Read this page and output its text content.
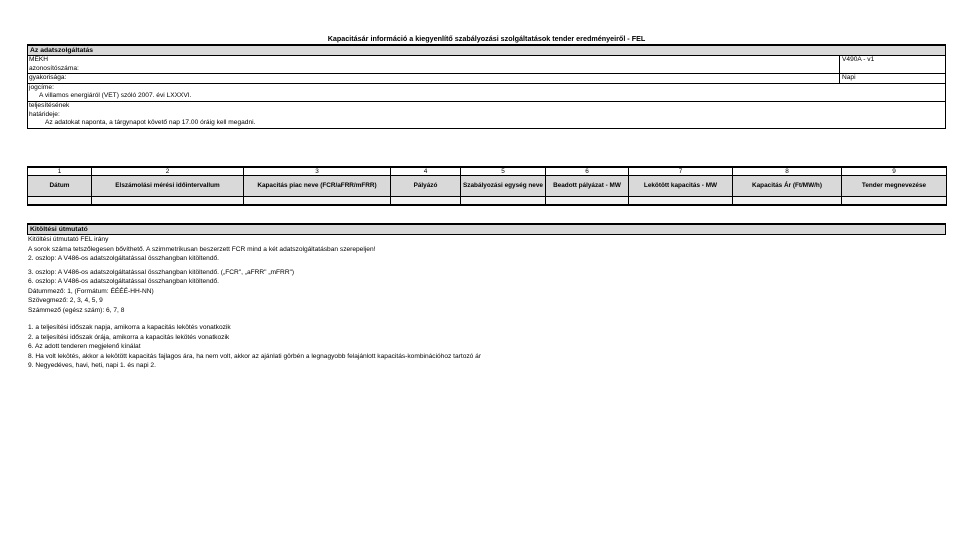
Kapacitásár információ a kiegyenlítő szabályozási szolgáltatások tender eredményeiről - FEL
Az adatszolgáltatás
MEKH	V490A - v1
azonosítószáma:
gyakorisága:	Napi
jogcíme:
A villamos energiáról (VET) szóló 2007. évi LXXXVI.
teljesítésének
határideje:
Az adatokat naponta, a tárgynapot követő nap 17.00 óráig kell megadni.
1	2	3	4	5	6	7	8	9
Dátum	Elszámolási mérési időintervallum	Kapacitás piac neve (FCR/aFRR/mFRR)	Pályázó	Szabályozási egység neve	Beadott pályázat - MW	Lekötött kapacitás - MW	Kapacitás Ár (Ft/MW/h)	Tender megnevezése

Kitöltési útmutató
Kitöltési útmutató FEL irány
A sorok száma tetszőlegesen bővíthető. A szimmetrikusan beszerzett FCR mind a két adatszolgáltatásban szerepeljen!
2. oszlop: A V486-os adatszolgáltatással összhangban kitöltendő.
3. oszlop: A V486-os adatszolgáltatással összhangban kitöltendő. („FCR", „aFRR" „mFRR")
6. oszlop: A V486-os adatszolgáltatással összhangban kitöltendő.
Dátummező: 1, (Formátum: ÉÉÉÉ-HH-NN)
Szövegmező: 2, 3, 4, 5, 9
Számmező (egész szám): 6, 7, 8
1. a teljesítési időszak napja, amikorra a kapacitás lekötés vonatkozik
2. a teljesítési időszak órája, amikorra a kapacitás lekötés vonatkozik
6. Az adott tenderen megjelenő kínálat
8. Ha volt lekötés, akkor a lekötött kapacitás fajlagos ára, ha nem volt, akkor az ajánlati görbén a legnagyobb felajánlott kapacitás-kombinációhoz tartozó ár
9. Negyedéves, havi, heti, napi 1. és napi 2.
